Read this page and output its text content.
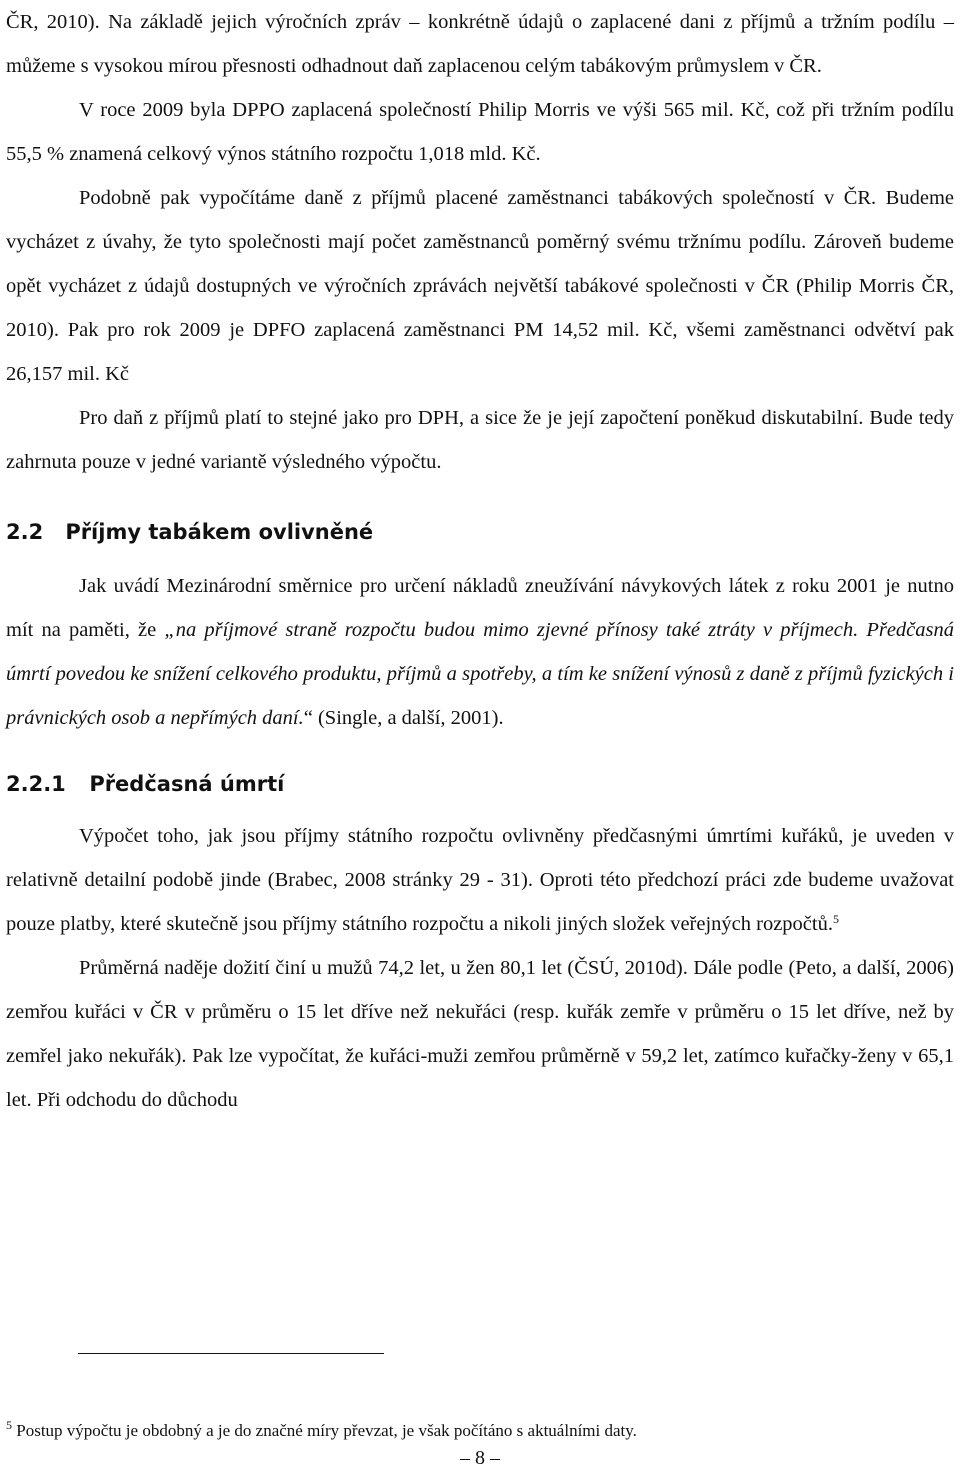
ČR, 2010). Na základě jejich výročních zpráv – konkrétně údajů o zaplacené dani z příjmů a tržním podílu – můžeme s vysokou mírou přesnosti odhadnout daň zaplacenou celým tabákovým průmyslem v ČR.

V roce 2009 byla DPPO zaplacená společností Philip Morris ve výši 565 mil. Kč, což při tržním podílu 55,5 % znamená celkový výnos státního rozpočtu 1,018 mld. Kč.

Podobně pak vypočítáme daně z příjmů placené zaměstnanci tabákových společností v ČR. Budeme vycházet z úvahy, že tyto společnosti mají počet zaměstnanců poměrný svému tržnímu podílu. Zároveň budeme opět vycházet z údajů dostupných ve výročních zprávách největší tabákové společnosti v ČR (Philip Morris ČR, 2010). Pak pro rok 2009 je DPFO zaplacená zaměstnanci PM 14,52 mil. Kč, všemi zaměstnanci odvětví pak 26,157 mil. Kč

Pro daň z příjmů platí to stejné jako pro DPH, a sice že je její započtení poněkud diskutabilní. Bude tedy zahrnuta pouze v jedné variantě výsledného výpočtu.

2.2 Příjmy tabákem ovlivněné

Jak uvádí Mezinárodní směrnice pro určení nákladů zneužívání návykových látek z roku 2001 je nutno mít na paměti, že „na příjmové straně rozpočtu budou mimo zjevné přínosy také ztráty v příjmech. Předčasná úmrtí povedou ke snížení celkového produktu, příjmů a spotřeby, a tím ke snížení výnosů z daně z příjmů fyzických i právnických osob a nepřímých daní.“ (Single, a další, 2001).

2.2.1 Předčasná úmrtí

Výpočet toho, jak jsou příjmy státního rozpočtu ovlivněny předčasnými úmrtími kuřáků, je uveden v relativně detailní podobě jinde (Brabec, 2008 stránky 29 - 31). Oproti této předchozí práci zde budeme uvažovat pouze platby, které skutečně jsou příjmy státního rozpočtu a nikoli jiných složek veřejných rozpočtů.$^5$

Průměrná naděje dožití činí u mužů 74,2 let, u žen 80,1 let (ČSÚ, 2010d). Dále podle (Peto, a další, 2006) zemřou kuřáci v ČR v průměru o 15 let dříve než nekuřáci (resp. kuřák zemře v průměru o 15 let dříve, než by zemřel jako nekuřák). Pak lze vypočítat, že kuřáci-muži zemřou průměrně v 59,2 let, zatímco kuřačky-ženy v 65,1 let. Při odchodu do důchodu

$^5$ Postup výpočtu je obdobný a je do značné míry převzat, je však počítáno s aktuálními daty.

– 8 –
